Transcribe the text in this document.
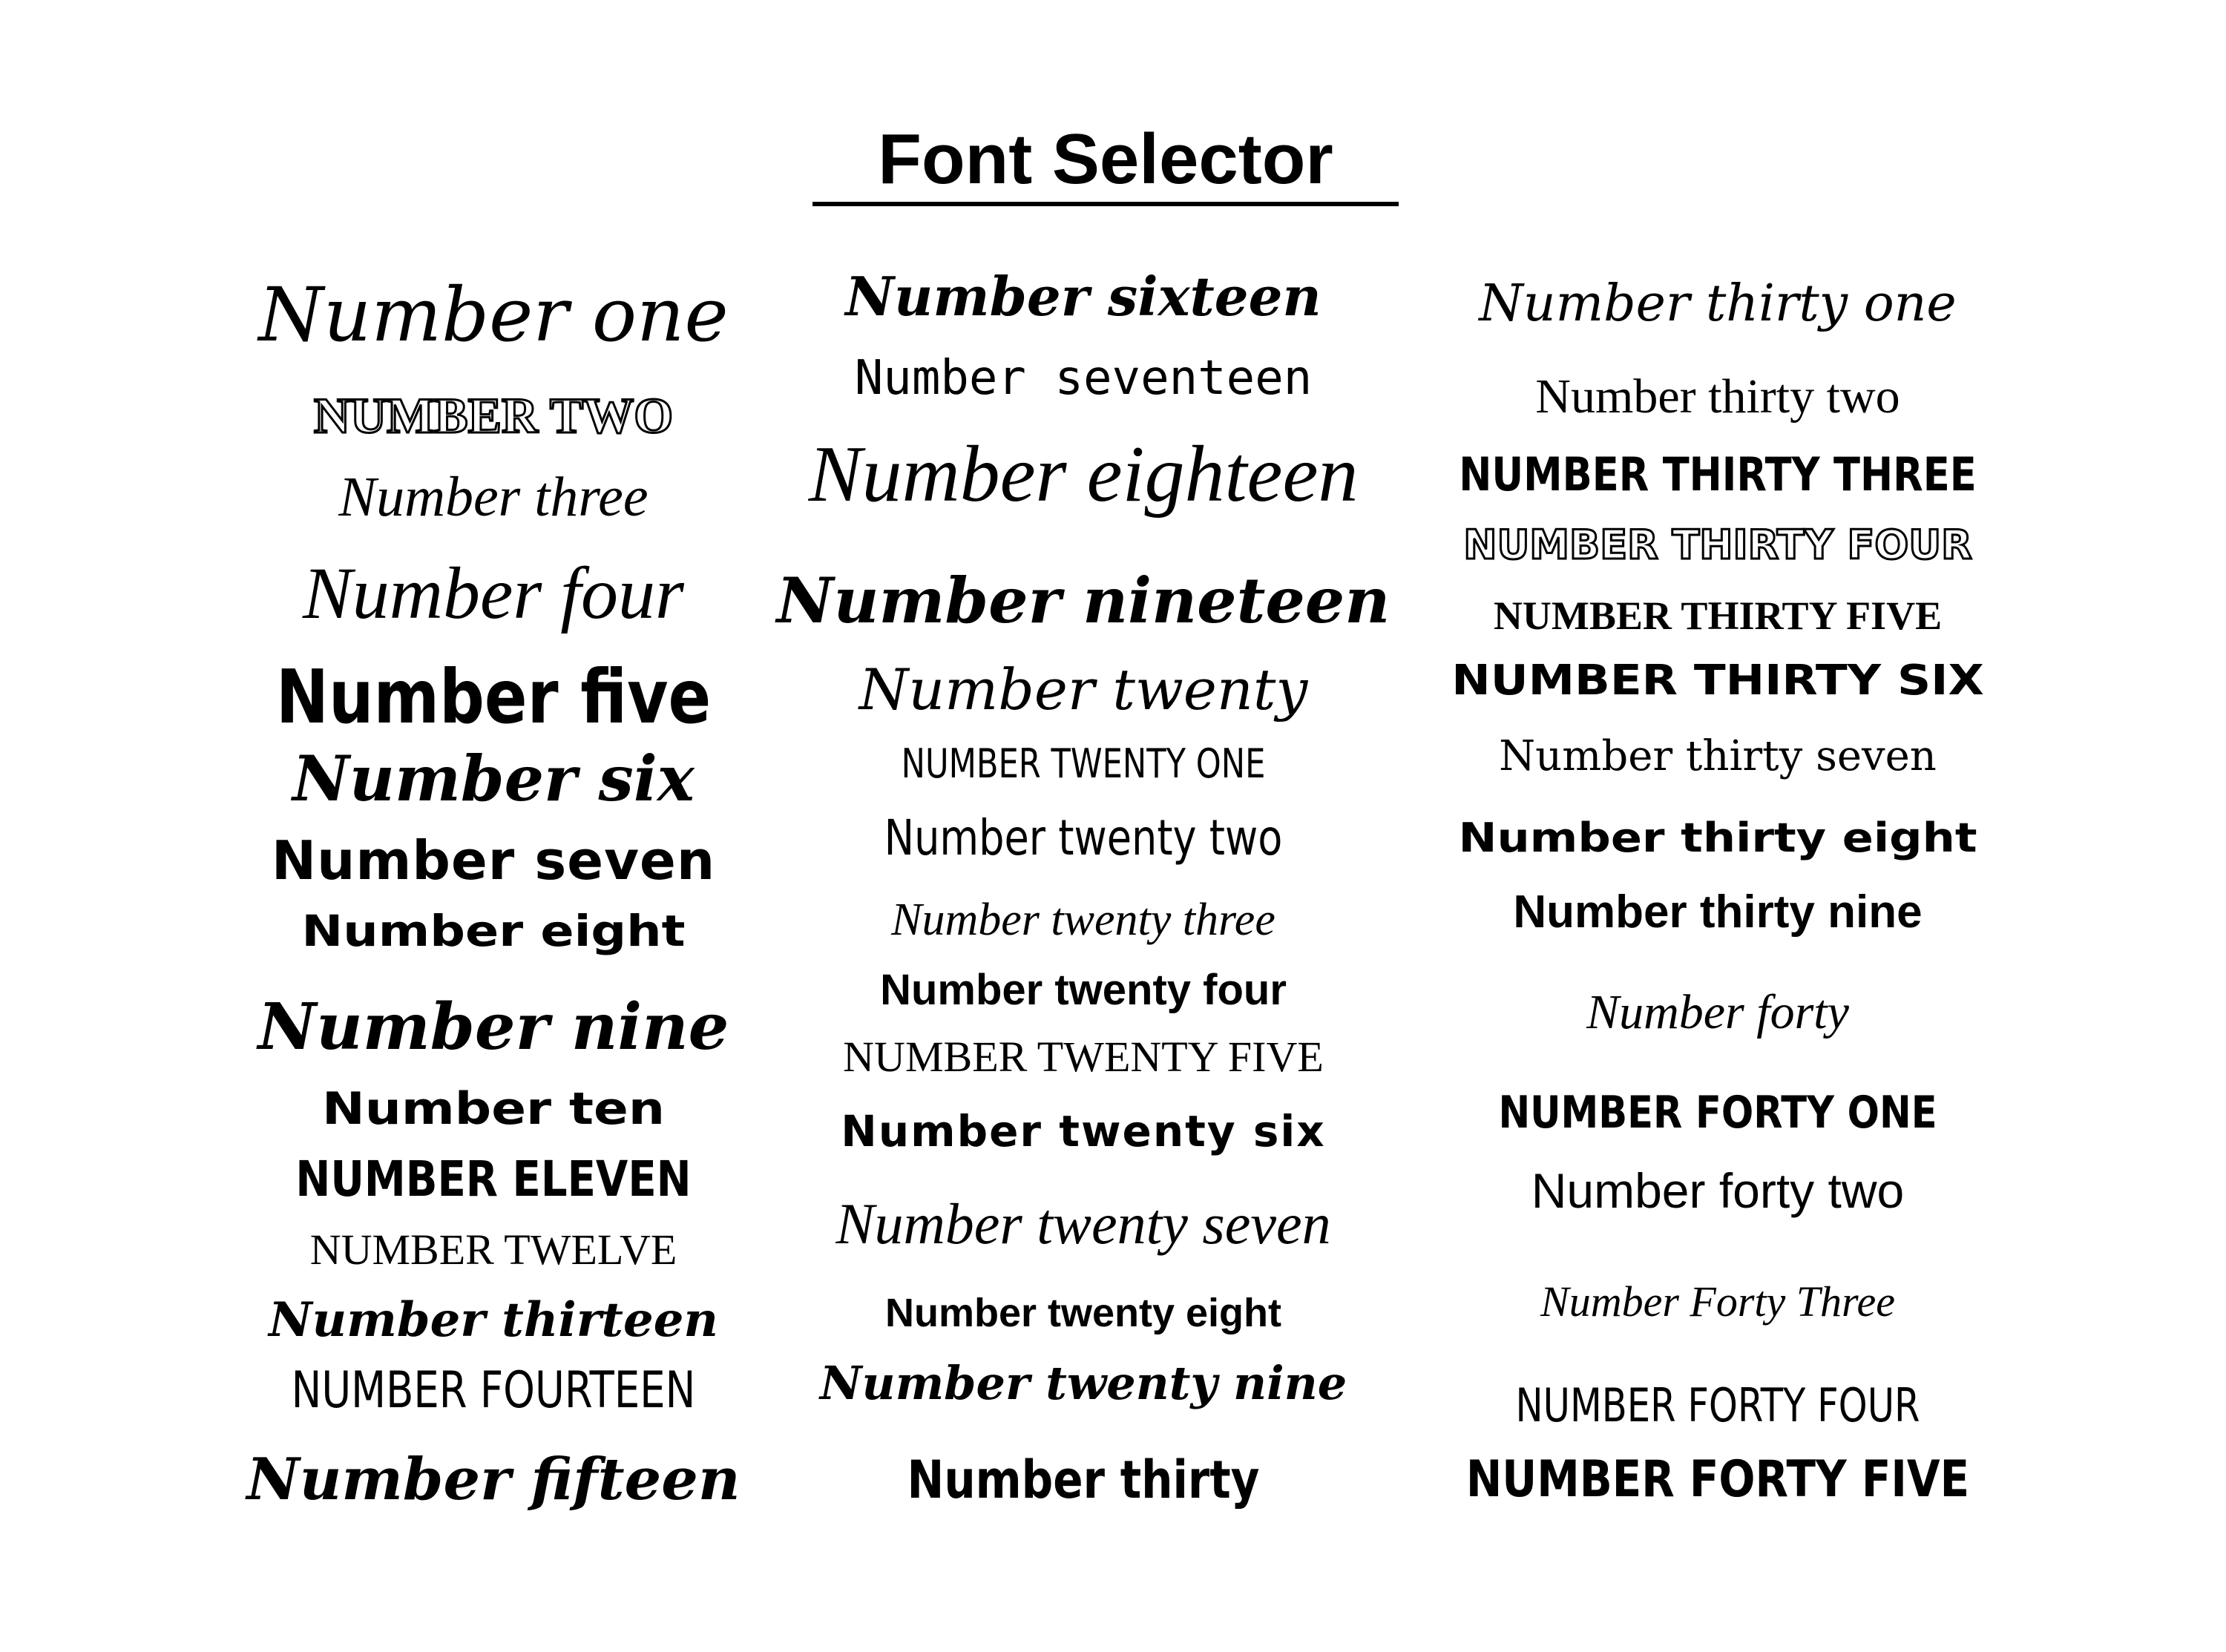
Font Selector
Number one
NUMBER TWO
Number three
Number four
Number five
Number six
Number seven
Number eight
Number nine
Number ten
NUMBER ELEVEN
NUMBER TWELVE
Number thirteen
NUMBER FOURTEEN
Number fifteen
Number sixteen
Number seventeen
Number eighteen
Number nineteen
Number twenty
NUMBER TWENTY ONE
Number twenty two
Number twenty three
Number twenty four
NUMBER TWENTY FIVE
Number twenty six
Number twenty seven
Number twenty eight
Number twenty nine
Number thirty
Number thirty one
Number thirty two
NUMBER THIRTY THREE
NUMBER THIRTY FOUR
NUMBER THIRTY FIVE
NUMBER THIRTY SIX
Number thirty seven
Number thirty eight
Number thirty nine
Number forty
NUMBER FORTY ONE
Number forty two
Number Forty Three
NUMBER FORTY FOUR
NUMBER FORTY FIVE
